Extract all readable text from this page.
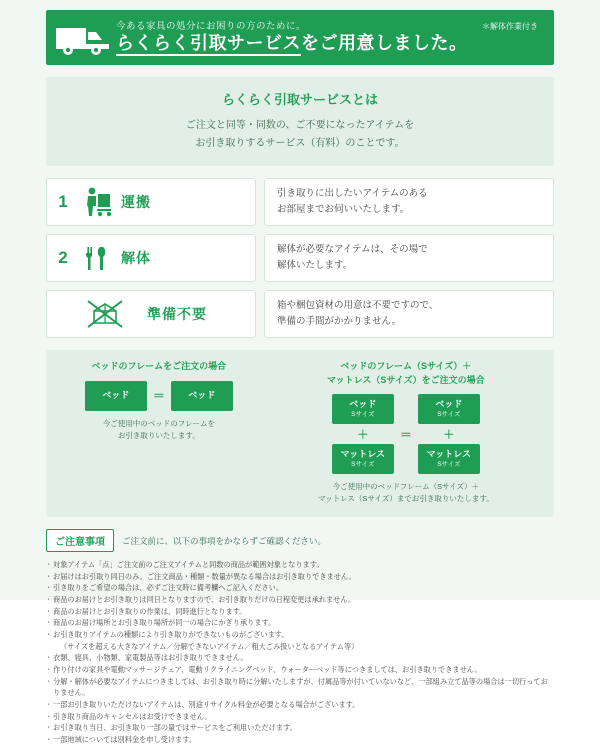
今ある家具の処分にお困りの方のために。
らくらく引取サービスをご用意しました。
＊解体作業付き
らくらく引取サービスとは
ご注文と同等・同数の、ご不要になったアイテムを
お引き取りするサービス（有料）のことです。
1	運搬

引き取りに出したいアイテムのある
お部屋までお伺いいたします。

2	解体

解体が必要なアイテムは、その場で
解体いたします。

準備不要

箱や梱包資材の用意は不要ですので、
準備の手間がかかりません。

ベッドのフレームをご注文の場合
ベッド	＝	ベッド
今ご使用中のベッドのフレームを
お引き取りいたします。
ベッドのフレーム（Sサイズ）＋
マットレス（Sサイズ）をご注文の場合
ベッド
Sサイズ
＋
マットレス
Sサイズ
＝
ベッド
Sサイズ
＋
マットレス
Sサイズ
今ご使用中のベッドフレーム（Sサイズ）＋
マットレス（Sサイズ）までお引き取りいたします。
ご注意事項	ご注文前に、以下の事項をかならずご確認ください。
・ 対象アイテム「点」ご注文前のご注文アイテムと同数の商品が範囲対象となります。
・ お届けはお引取り同日のみ。ご注文商品・種類・数量が異なる場合はお引き取りできません。
・ 引き取りをご希望の場合は、必ずご注文時に備考欄へご記入ください。
・ 商品のお届けとお引き取りは同日となりますので、お引き取りだけの日程変更は承れません。
・ 商品のお届けとお引き取りの作業は、同時進行となります。
・ 商品のお届け場所とお引き取り場所が同一の場合にかぎり承ります。
・ お引き取りアイテムの種類により引き取りができないものがございます。
（サイズを超える大きなアイテム／分解できないアイテム／粗大ごみ扱いとなるアイテム等）
・ 衣類、寝具、小物類、家電製品等はお引き取りできません。
・ 作り付けの家具や電動マッサージチェア、電動リクライニングベッド、ウォーターベッド等につきましては、お引き取りできません。
・ 分解・解体が必要なアイテムにつきましては、お引き取り時に分解いたしますが、付属品等が付いていないなど、一部組み立て品等の場合は一切行っておりません。
・ 一部お引き取りいただけないアイテムは、別途リサイクル料金が必要となる場合がございます。
・ 引き取り商品のキャンセルはお受けできません。
・ お引き取り当日、お引き取り一部の量ではサービスをご利用いただけます。
・ 一部地域については別料金を申し受けます。
